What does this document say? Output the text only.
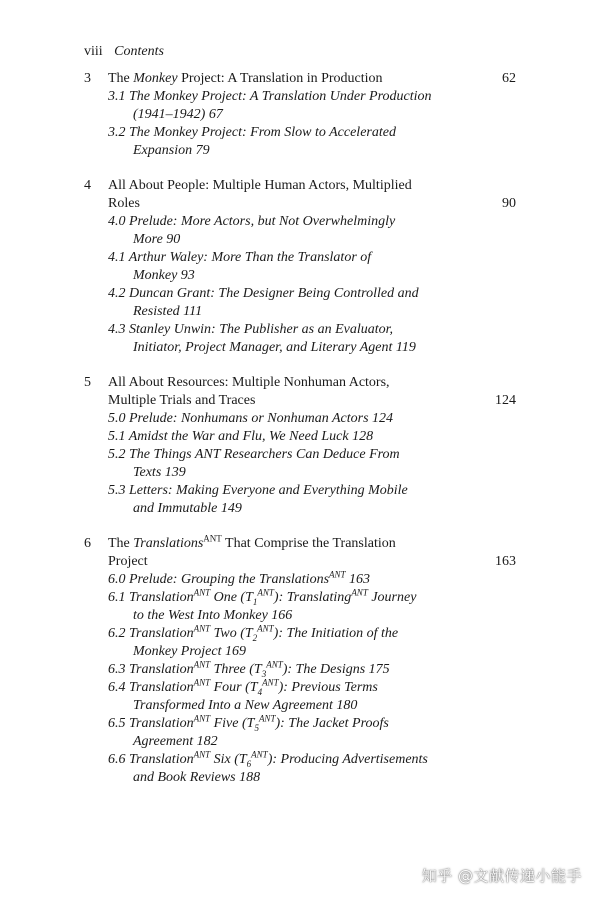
viii Contents
3 The Monkey Project: A Translation in Production	62
3.1 The Monkey Project: A Translation Under Production
(1941–1942) 67
3.2 The Monkey Project: From Slow to Accelerated
Expansion 79
4 All About People: Multiple Human Actors, Multiplied
Roles	90
4.0 Prelude: More Actors, but Not Overwhelmingly
More 90
4.1 Arthur Waley: More Than the Translator of
Monkey 93
4.2 Duncan Grant: The Designer Being Controlled and
Resisted 111
4.3 Stanley Unwin: The Publisher as an Evaluator,
Initiator, Project Manager, and Literary Agent 119
5 All About Resources: Multiple Nonhuman Actors,
Multiple Trials and Traces	124
5.0 Prelude: Nonhumans or Nonhuman Actors 124
5.1 Amidst the War and Flu, We Need Luck 128
5.2 The Things ANT Researchers Can Deduce From
Texts 139
5.3 Letters: Making Everyone and Everything Mobile
and Immutable 149
6 The Translations$^{ANT}$ That Comprise the Translation
Project	163
6.0 Prelude: Grouping the Translations$^{ANT}$ 163
6.1 Translation$^{ANT}$ One $(T_1^{ANT})$: Translating$^{ANT}$ Journey
to the West Into Monkey 166
6.2 Translation$^{ANT}$ Two $(T_2^{ANT})$: The Initiation of the
Monkey Project 169
6.3 Translation$^{ANT}$ Three $(T_3^{ANT})$: The Designs 175
6.4 Translation$^{ANT}$ Four $(T_4^{ANT})$: Previous Terms
Transformed Into a New Agreement 180
6.5 Translation$^{ANT}$ Five $(T_5^{ANT})$: The Jacket Proofs
Agreement 182
6.6 Translation$^{ANT}$ Six $(T_6^{ANT})$: Producing Advertisements
and Book Reviews 188
知乎 @文献传递小能手
